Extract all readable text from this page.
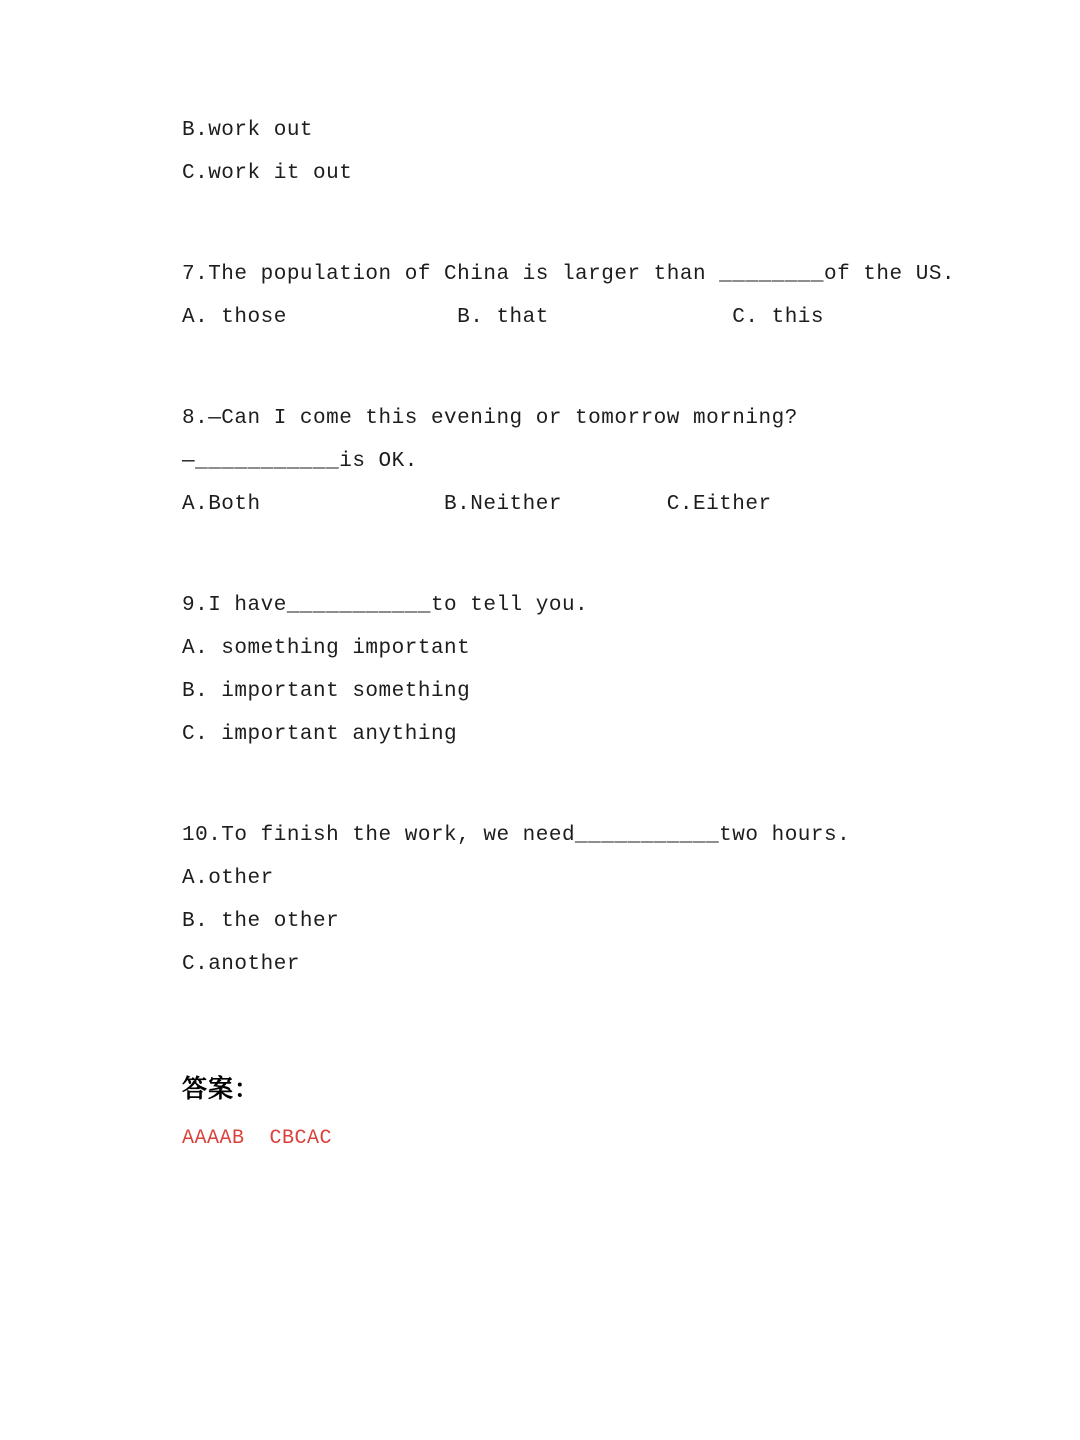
B.work out
C.work it out
7.The population of China is larger than ________of the US.
A. those             B. that              C. this
8.—Can I come this evening or tomorrow morning?
—___________is OK.
A.Both              B.Neither        C.Either
9.I have___________to tell you.
A. something important
B. important something
C. important anything
10.To finish the work, we need___________two hours.
A.other
B. the other
C.another
答案：
AAAAB  CBCAC
